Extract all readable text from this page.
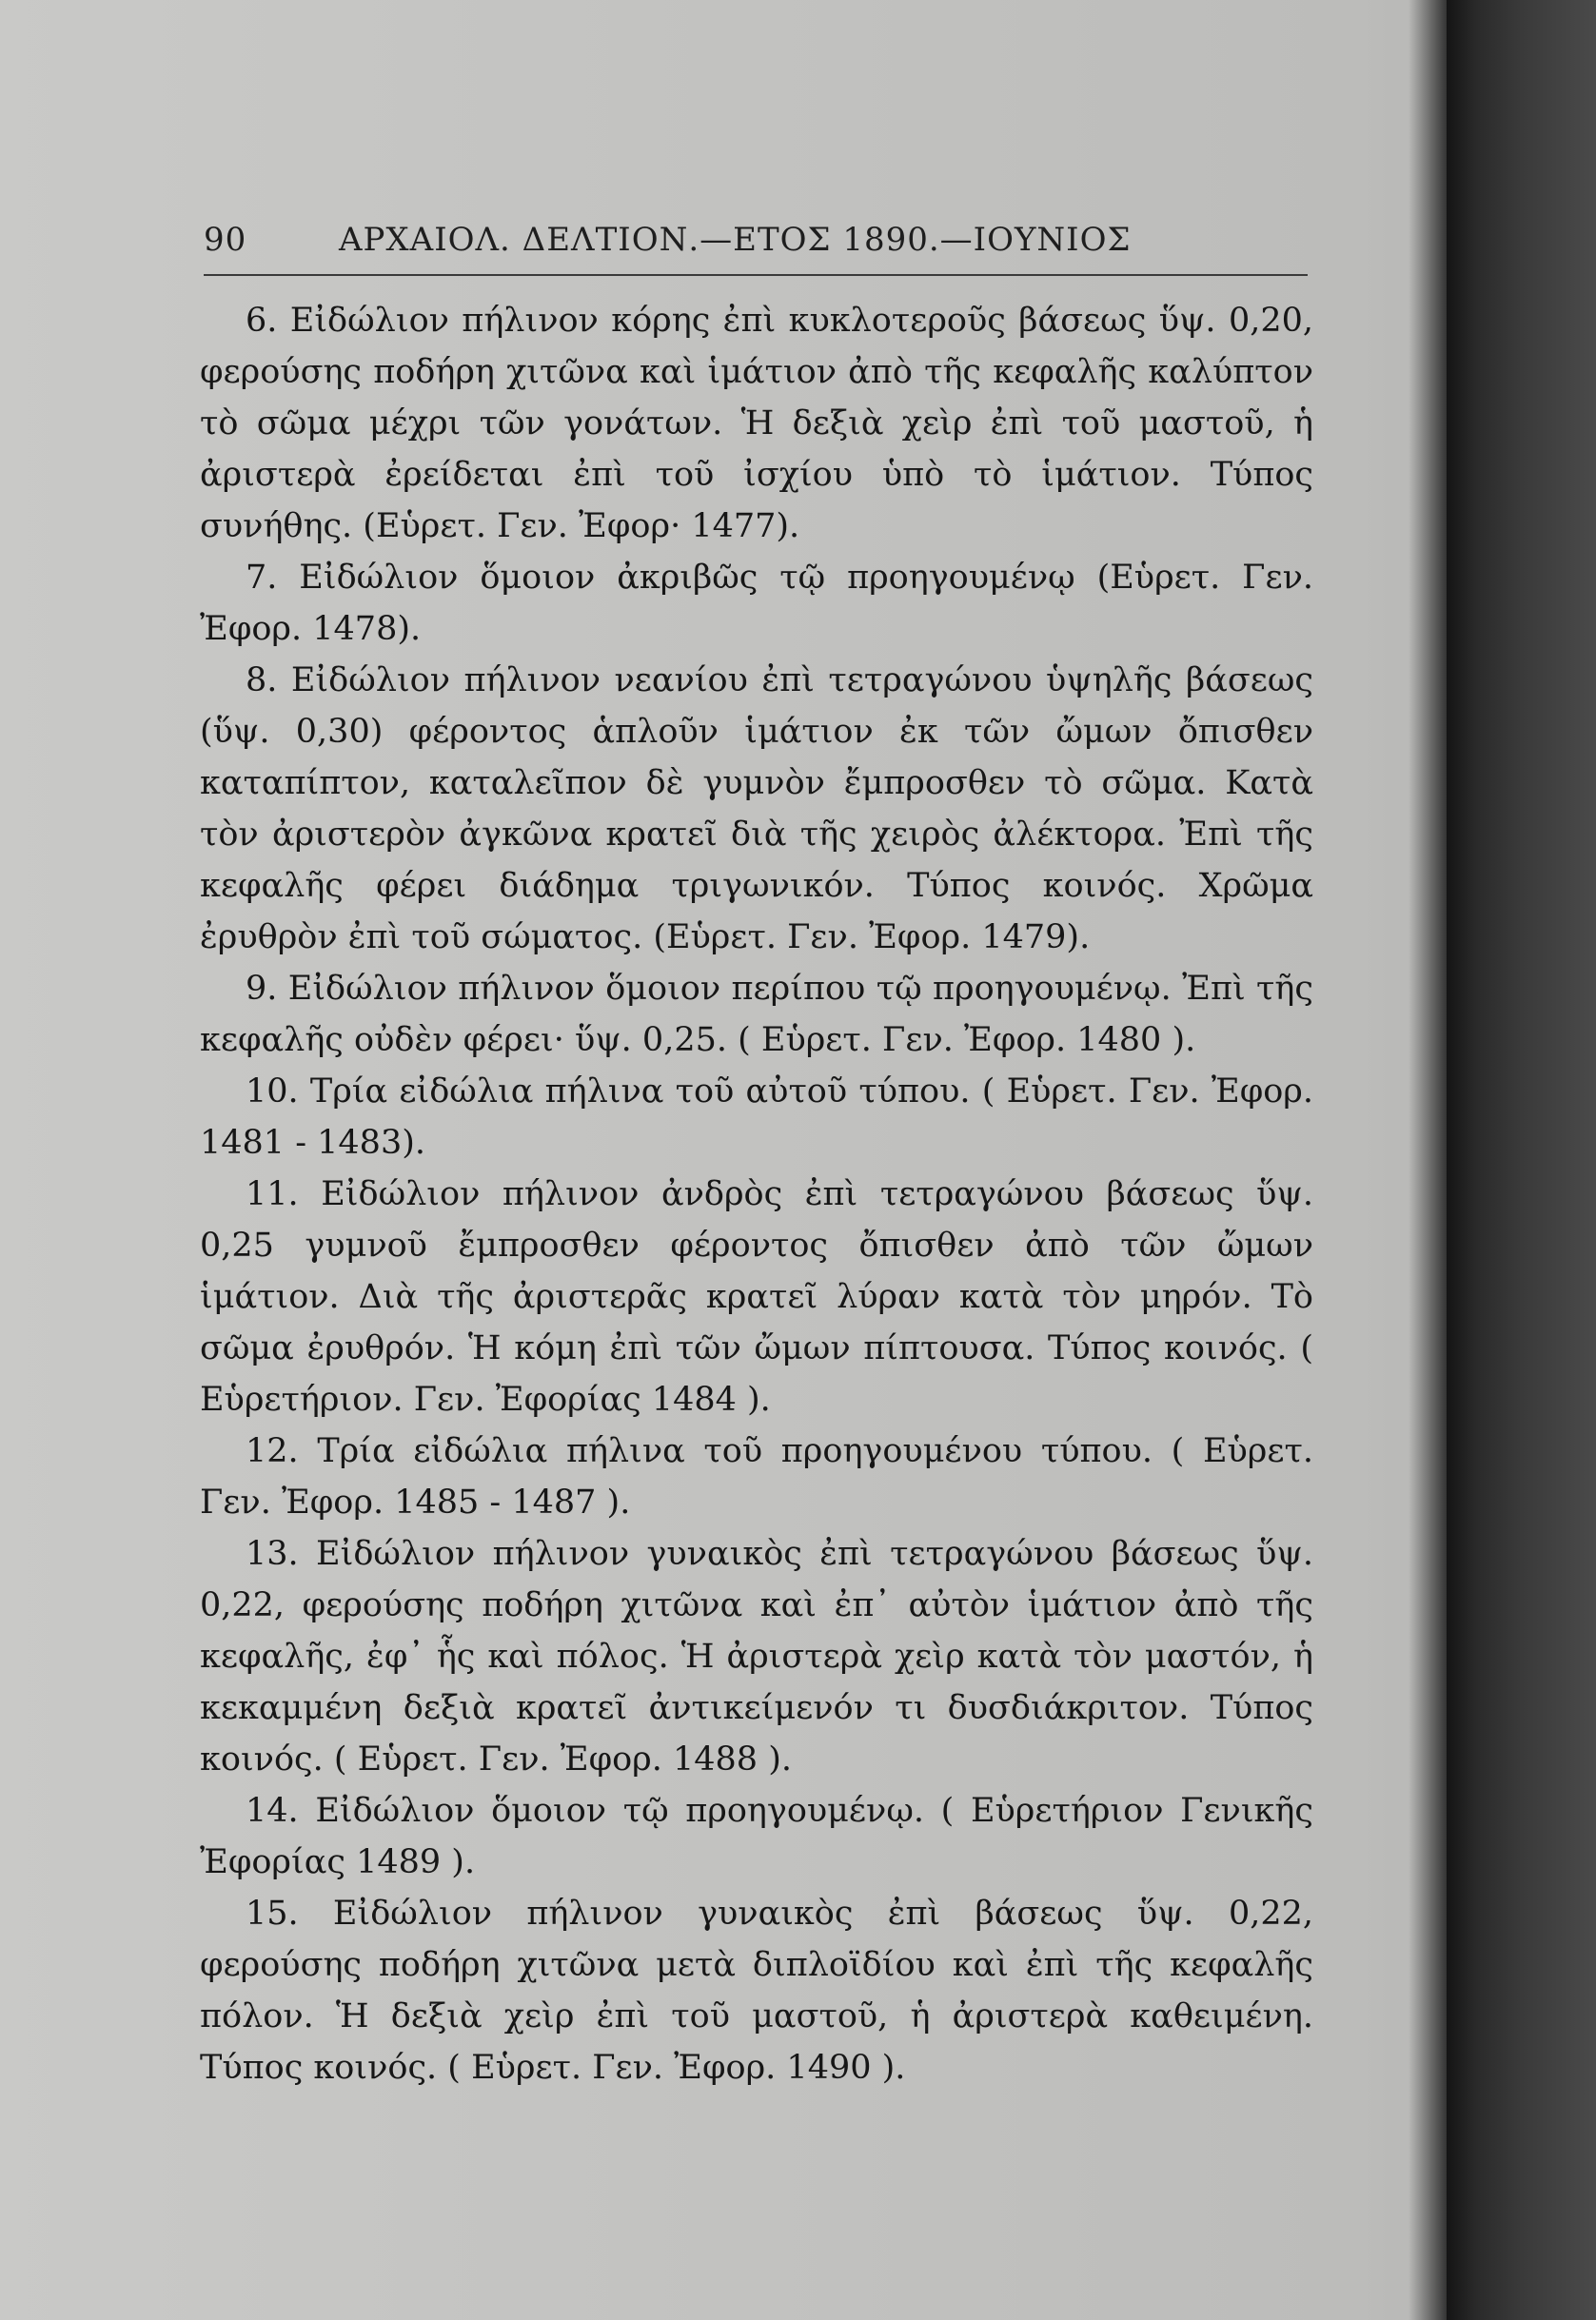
90	ΑΡΧΑΙΟΛ. ΔΕΛΤΙΟΝ.—ΕΤΟΣ 1890.—ΙΟΥΝΙΟΣ

6. Εἰδώλιον πήλινον κόρης ἐπὶ κυκλοτεροῦς βάσεως ὕψ. 0,20, φερούσης ποδήρη χιτῶνα καὶ ἱμάτιον ἀπὸ τῆς κεφαλῆς καλύπτον τὸ σῶμα μέχρι τῶν γονάτων. Ἡ δεξιὰ χεὶρ ἐπὶ τοῦ μαστοῦ, ἡ ἀριστερὰ ἐρείδεται ἐπὶ τοῦ ἰσχίου ὑπὸ τὸ ἱμάτιον. Τύπος συνήθης. (Εὑρετ. Γεν. Ἐφορ· 1477).

7. Εἰδώλιον ὅμοιον ἀκριβῶς τῷ προηγουμένῳ (Εὑρετ. Γεν. Ἐφορ. 1478).

8. Εἰδώλιον πήλινον νεανίου ἐπὶ τετραγώνου ὑψηλῆς βάσεως (ὕψ. 0,30) φέροντος ἁπλοῦν ἱμάτιον ἐκ τῶν ὤμων ὄπισθεν καταπίπτον, καταλεῖπον δὲ γυμνὸν ἔμπροσθεν τὸ σῶμα. Κατὰ τὸν ἀριστερὸν ἀγκῶνα κρατεῖ διὰ τῆς χειρὸς ἀλέκτορα. Ἐπὶ τῆς κεφαλῆς φέρει διάδημα τριγωνικόν. Τύπος κοινός. Χρῶμα ἐρυθρὸν ἐπὶ τοῦ σώματος. (Εὑρετ. Γεν. Ἐφορ. 1479).

9. Εἰδώλιον πήλινον ὅμοιον περίπου τῷ προηγουμένῳ. Ἐπὶ τῆς κεφαλῆς οὐδὲν φέρει· ὕψ. 0,25. ( Εὑρετ. Γεν. Ἐφορ. 1480 ).

10. Τρία εἰδώλια πήλινα τοῦ αὐτοῦ τύπου. ( Εὑρετ. Γεν. Ἐφορ. 1481 - 1483).

11. Εἰδώλιον πήλινον ἀνδρὸς ἐπὶ τετραγώνου βάσεως ὕψ. 0,25 γυμνοῦ ἔμπροσθεν φέροντος ὄπισθεν ἀπὸ τῶν ὤμων ἱμάτιον. Διὰ τῆς ἀριστερᾶς κρατεῖ λύραν κατὰ τὸν μηρόν. Τὸ σῶμα ἐρυθρόν. Ἡ κόμη ἐπὶ τῶν ὤμων πίπτουσα. Τύπος κοινός. ( Εὑρετήριον. Γεν. Ἐφορίας 1484 ).

12. Τρία εἰδώλια πήλινα τοῦ προηγουμένου τύπου. ( Εὑρετ. Γεν. Ἐφορ. 1485 - 1487 ).

13. Εἰδώλιον πήλινον γυναικὸς ἐπὶ τετραγώνου βάσεως ὕψ. 0,22, φερούσης ποδήρη χιτῶνα καὶ ἐπ᾽ αὐτὸν ἱμάτιον ἀπὸ τῆς κεφαλῆς, ἐφ᾽ ἧς καὶ πόλος. Ἡ ἀριστερὰ χεὶρ κατὰ τὸν μαστόν, ἡ κεκαμμένη δεξιὰ κρατεῖ ἀντικείμενόν τι δυσδιάκριτον. Τύπος κοινός. ( Εὑρετ. Γεν. Ἐφορ. 1488 ).

14. Εἰδώλιον ὅμοιον τῷ προηγουμένῳ. ( Εὑρετήριον Γενικῆς Ἐφορίας 1489 ).

15. Εἰδώλιον πήλινον γυναικὸς ἐπὶ βάσεως ὕψ. 0,22, φερούσης ποδήρη χιτῶνα μετὰ διπλοϊδίου καὶ ἐπὶ τῆς κεφαλῆς πόλον. Ἡ δεξιὰ χεὶρ ἐπὶ τοῦ μαστοῦ, ἡ ἀριστερὰ καθειμένη. Τύπος κοινός. ( Εὑρετ. Γεν. Ἐφορ. 1490 ).
